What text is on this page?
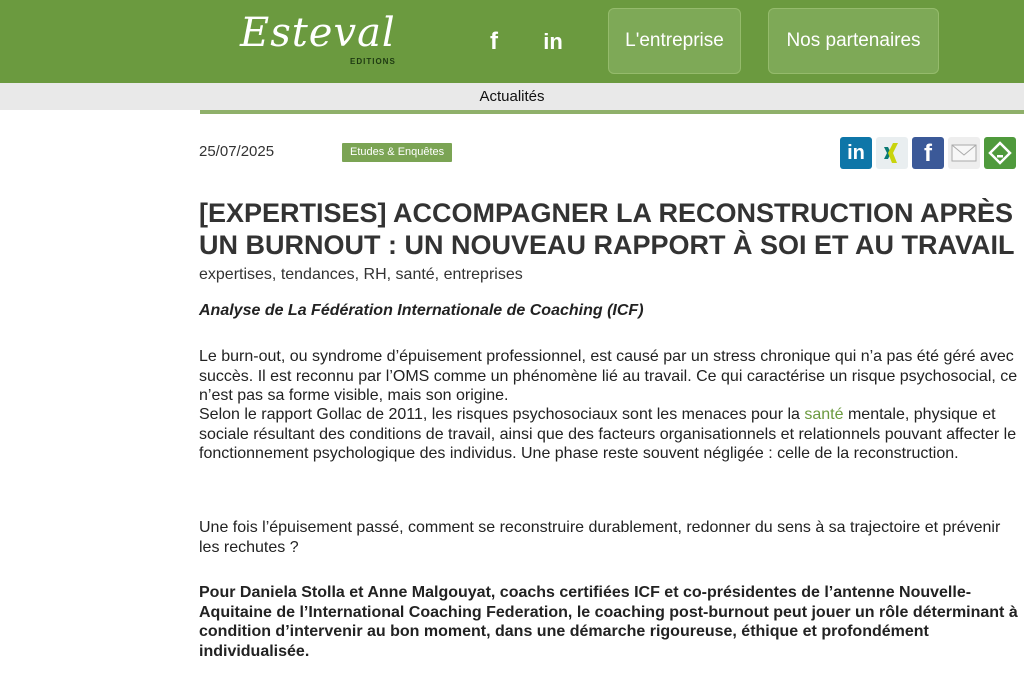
Esteval
EDITIONS
f	in	L'entreprise	Nos partenaires
Actualités
25/07/2025	Etudes & Enquêtes	in	f
[EXPERTISES] ACCOMPAGNER LA RECONSTRUCTION APRÈS UN BURNOUT : UN NOUVEAU RAPPORT À SOI ET AU TRAVAIL
expertises, tendances, RH, santé, entreprises
Analyse de La Fédération Internationale de Coaching (ICF)

Le burn-out, ou syndrome d’épuisement professionnel, est causé par un stress chronique qui n’a pas été géré avec succès. Il est reconnu par l’OMS comme un phénomène lié au travail. Ce qui caractérise un risque psychosocial, ce n’est pas sa forme visible, mais son origine.

Selon le rapport Gollac de 2011, les risques psychosociaux sont les menaces pour la santé mentale, physique et sociale résultant des conditions de travail, ainsi que des facteurs organisationnels et relationnels pouvant affecter le fonctionnement psychologique des individus. Une phase reste souvent négligée : celle de la reconstruction.

Une fois l’épuisement passé, comment se reconstruire durablement, redonner du sens à sa trajectoire et prévenir les rechutes ?

Pour Daniela Stolla et Anne Malgouyat, coachs certifiées ICF et co-présidentes de l’antenne Nouvelle-Aquitaine de l’International Coaching Federation, le coaching post-burnout peut jouer un rôle déterminant à condition d’intervenir au bon moment, dans une démarche rigoureuse, éthique et profondément individualisée.
